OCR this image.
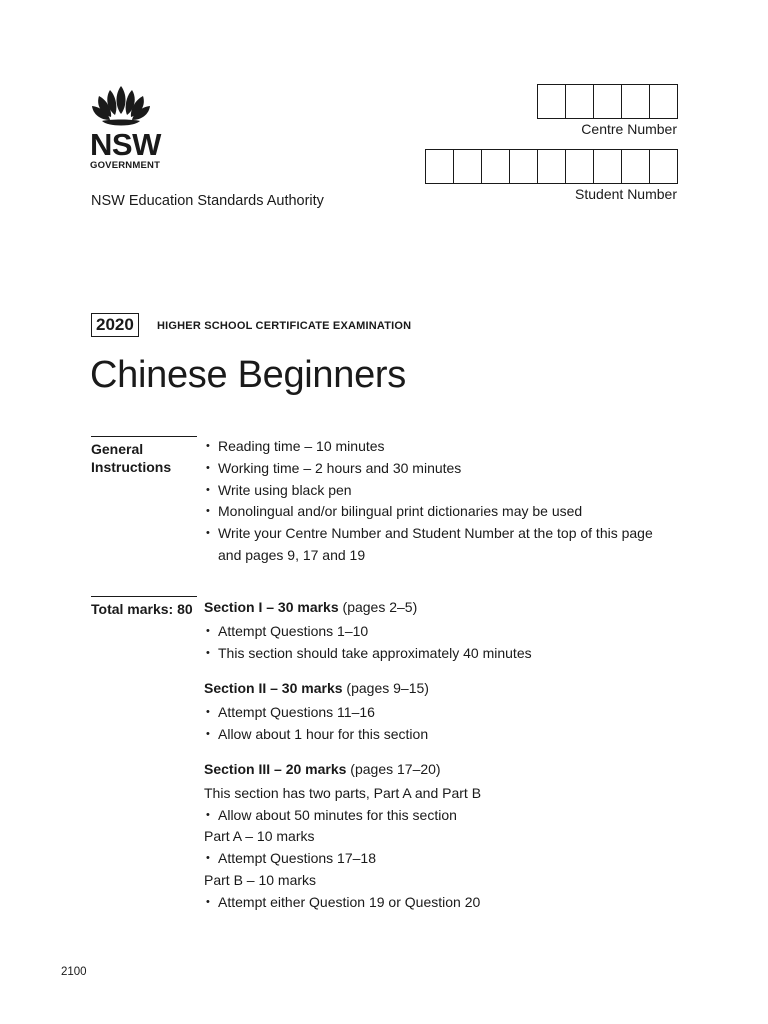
NSW
GOVERNMENT
NSW Education Standards Authority
Centre Number
Student Number
2020	HIGHER SCHOOL CERTIFICATE EXAMINATION
Chinese Beginners
General Instructions
• Reading time – 10 minutes
• Working time – 2 hours and 30 minutes
• Write using black pen
• Monolingual and/or bilingual print dictionaries may be used
• Write your Centre Number and Student Number at the top of this page and pages 9, 17 and 19
Total marks: 80 Section I – 30 marks (pages 2–5)
• Attempt Questions 1–10
• This section should take approximately 40 minutes
Section II – 30 marks (pages 9–15)
• Attempt Questions 11–16
• Allow about 1 hour for this section
Section III – 20 marks (pages 17–20)
This section has two parts, Part A and Part B
• Allow about 50 minutes for this section
Part A – 10 marks
• Attempt Questions 17–18
Part B – 10 marks
• Attempt either Question 19 or Question 20
2100
